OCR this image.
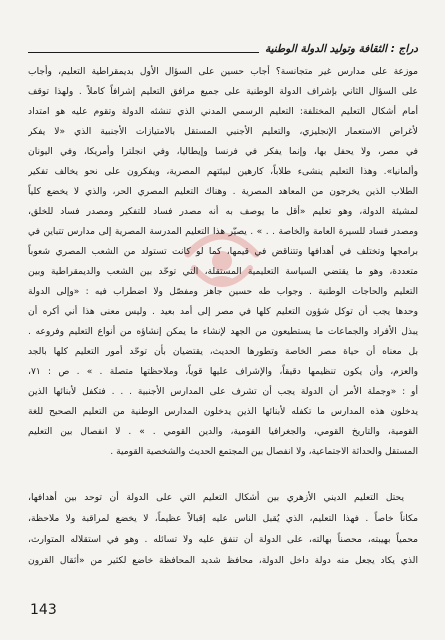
دراج : الثقافة وتوليد الدولة الوطنية
موزعة على مدارس غير متجانسة؟ أجاب حسين على السؤال الأول بديمقراطية التعليم، وأجاب
على السؤال الثاني بإشراف الدولة الوطنية على جميع مرافق التعليم إشرافاً كاملاً . ولهذا توقف
أمام أشكال التعليم المختلفة: التعليم الرسمي المدني الذي تنشئه الدولة وتقوم عليه هو امتداد
لأغراض الاستعمار الإنجليزي، والتعليم الأجنبي المستقل بالامتيازات الأجنبية الذي «لا يفكر
في مصر، ولا يحفل بها، وإنما يفكر في فرنسا وإيطاليا، وفي انجلترا وأمريكا، وفي اليونان
وألمانيا». وهذا التعليم ينشىء طلاباً، كارهين لبيئتهم المصرية، ويفكرون على نحو يخالف تفكير
الطلاب الذين يخرجون من المعاهد المصرية . وهناك التعليم المصري الحر، والذي لا يخضع كلياً
لمشيئة الدولة، وهو تعليم «أقل ما يوصف به أنه مصدر فساد للتفكير ومصدر فساد للخلق،
ومصدر فساد للسيرة العامة والخاصة . . » . يصيّر هذا التعليم المدرسة المصرية إلى مدارس تتباين في
برامجها وتختلف في أهدافها وتتناقض في قيمها، كما لو كانت تستولد من الشعب المصري شعوباً
متعددة، وهو ما يقتضي السياسة التعليمية المستقلة، التي توحّد بين الشعب والديمقراطية وبين
التعليم والحاجات الوطنية . وجواب طه حسين جاهز ومفصّل ولا اضطراب فيه : «وإلى الدولة
وحدها يجب أن توكل شؤون التعليم كلها في مصر إلى أمد بعيد . وليس معنى هذا أني أكره أن
يبذل الأفراد والجماعات ما يستطيعون من الجهد لإنشاء ما يمكن إنشاؤه من أنواع التعليم وفروعه .
بل معناه أن حياة مصر الخاصة وتطورها الحديث، يقتضيان بأن توحّد أمور التعليم كلها بالجد
والعزم، وأن يكون تنظيمها دقيقاً، والإشراف عليها قوياً، وملاحظتها متصلة . » . ص : ٧١،
أو : «وجملة الأمر أن الدولة يجب أن تشرف على المدارس الأجنبية . . . فتكفل لأبنائها الذين
يدخلون هذه المدارس ما تكفله لأبنائها الذين يدخلون المدارس الوطنية من التعليم الصحيح للغة
القومية، والتاريخ القومي، والجغرافيا القومية، والدين القومي . » . لا انفصال بين التعليم
المستقل والحداثة الاجتماعية، ولا انفصال بين المجتمع الحديث والشخصية القومية .
يحتل التعليم الديني الأزهري بين أشكال التعليم التي على الدولة أن توحد بين أهدافها،
مكاناً خاصاً . فهذا التعليم، الذي يُقبل الناس عليه إقبالاً عظيماً، لا يخضع لمراقبة ولا ملاحظة،
محمياً بهيبته، محصناً بهالته، على الدولة أن تنفق عليه ولا تسائله . وهو في استقلاله المتوارث،
الذي يكاد يجعل منه دولة داخل الدولة، محافظ شديد المحافظة خاضع لكثير من «أثقال القرون
143
